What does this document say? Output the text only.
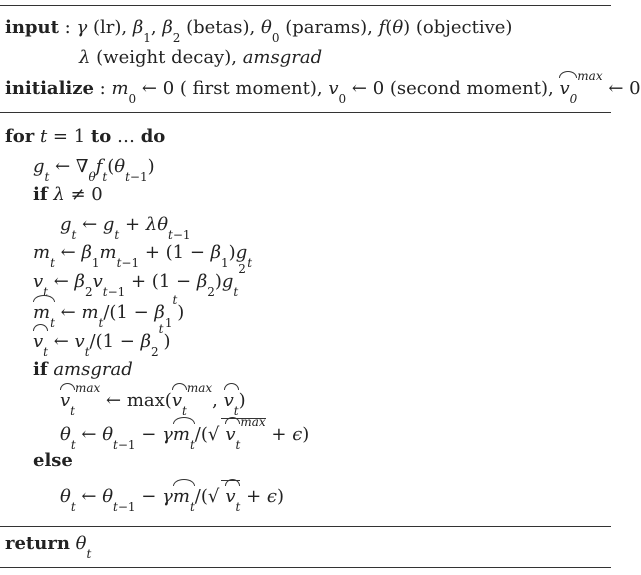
input : γ (lr), $\beta_1$, $\beta_2$ (betas), $\theta_0$ (params), f(θ) (objective)
λ (weight decay), amsgrad
initialize : $m_0$ ← 0 ( first moment), $v_0$ ← 0 (second moment), $v_0^{max}$ ← 0
for t = 1 to … do
$g_t$ ← $\nabla_\theta f_t(\theta_{t-1})$
if λ ≠ 0
$g_t$ ← $g_t + \lambda\theta_{t-1}$
$m_t$ ← $\beta_1m_{t-1} + (1 - \beta_1)g_t$
$v_t$ ← $\beta_2v_{t-1} + (1 - \beta_2)g_t^2$
$m_t$ ← $m_t/(1 - \beta_1^t)$
$v_t$ ← $v_t/(1 - \beta_2^t)$
if amsgrad
$v_t^{max}$ ← $\max(v_t^{max}$, $v_t$)
$\theta_t$ ← $\theta_{t-1} - \gamma m_t/(√$ $v_t^{max} + \epsilon$)
else
$\theta_t$ ← $\theta_{t-1} - \gamma m_t/(√$ $v_t + \epsilon$)
return $\theta_t$
